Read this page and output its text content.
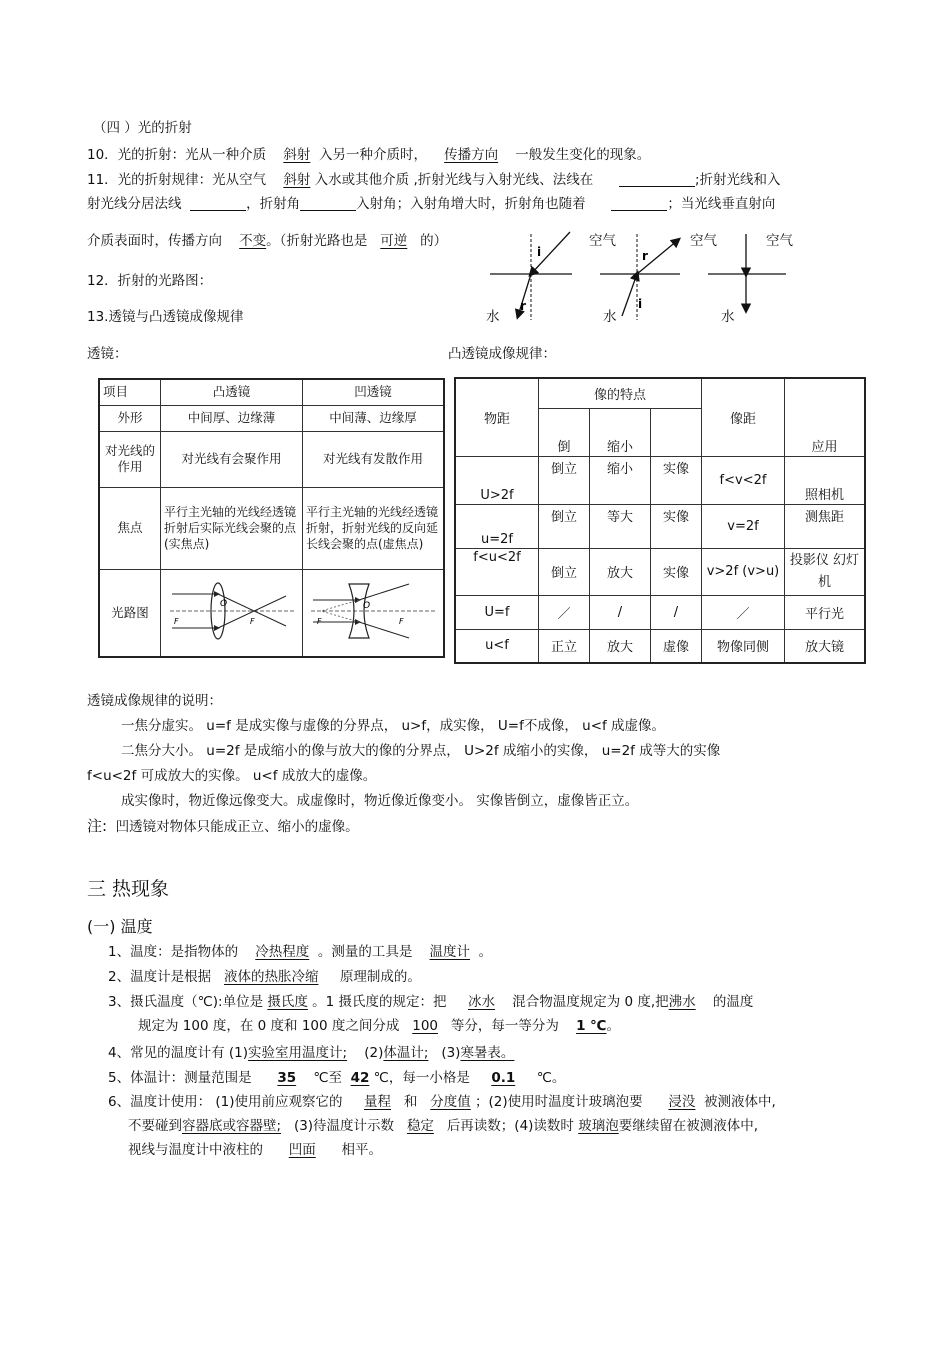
（四 ）光的折射
10．光的折射：光从一种介质 斜射 入另一种介质时， 传播方向 一般发生变化的现象。
11．光的折射规律：光从空气 斜射 入水或其他介质 ,折射光线与入射光线、法线在	;折射光线和入
射光线分居法线	，折射角	入射角；入射角增大时，折射角也随着	；当光线垂直射向
介质表面时，传播方向 不变。（折射光路也是 可逆 的）
12．折射的光路图：
13.透镜与凸透镜成像规律
i
r
r
i
空气	空气	空气
水	水	水
透镜：	凸透镜成像规律：
项目	凸透镜	凹透镜
外形	中间厚、边缘薄	中间薄、边缘厚
对光线的作用	对光线有会聚作用	对光线有发散作用
焦点	平行主光轴的光线经透镜折射后实际光线会聚的点(实焦点)	平行主光轴的光线经透镜折射，折射光线的反向延长线会聚的点(虚焦点)
光路图	O
F F	O
F F
物距	像的特点			像距	应用
	倒	缩小			
U>2f	倒立	缩小	实像	f<v<2f	照相机
u=2f	倒立	等大	实像	v=2f	测焦距
f<u<2f	倒立	放大	实像	v>2f (v>u)	投影仪 幻灯机
U=f	／	/	/	／	平行光
u<f	正立	放大	虚像	物像同侧	放大镜
透镜成像规律的说明：
一焦分虚实。 u=f 是成实像与虚像的分界点， u>f，成实像， U=f不成像， u<f 成虚像。
二焦分大小。 u=2f 是成缩小的像与放大的像的分界点， U>2f 成缩小的实像， u=2f 成等大的实像
f<u<2f 可成放大的实像。 u<f 成放大的虚像。
成实像时，物近像远像变大。成虚像时，物近像近像变小。 实像皆倒立，虚像皆正立。
注: 凹透镜对物体只能成正立、缩小的虚像。
三 热现象
(一) 温度
1、温度：是指物体的 冷热程度 。测量的工具是 温度计 。
2、温度计是根据 液体的热胀冷缩 原理制成的。
3、摄氏温度（℃):单位是 摄氏度 。1 摄氏度的规定：把 冰水 混合物温度规定为 0 度,把沸水 的温度
规定为 100 度，在 0 度和 100 度之间分成 100 等分，每一等分为 1 ℃。
4、常见的温度计有 (1)实验室用温度计; (2)体温计; (3)寒暑表。
5、体温计：测量范围是 35 ℃至 42 ℃，每一小格是 0.1 ℃。
6、温度计使用： (1)使用前应观察它的 量程 和 分度值 ；(2)使用时温度计玻璃泡要 浸没 被测液体中,
不要碰到容器底或容器壁; (3)待温度计示数 稳定 后再读数；(4)读数时 玻璃泡要继续留在被测液体中,
视线与温度计中液柱的 凹面 相平。
